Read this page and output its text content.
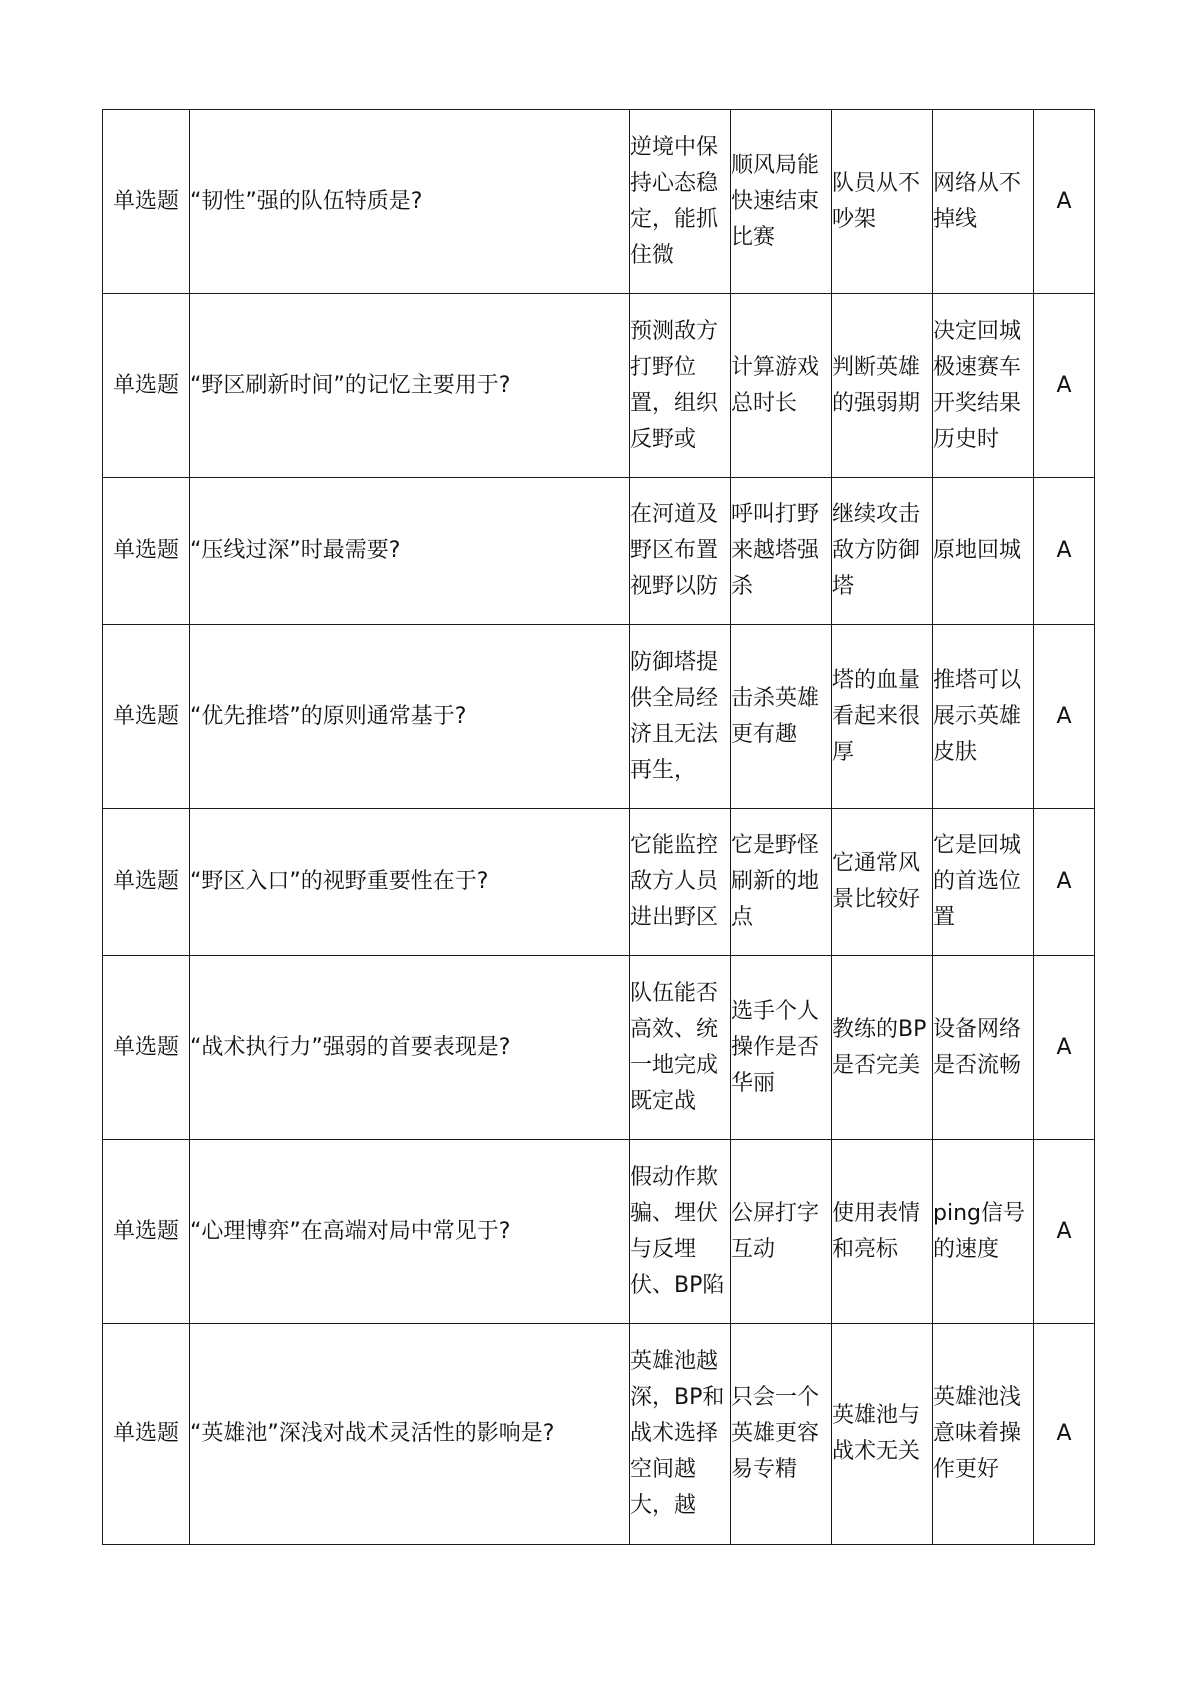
单选题	“韧性”强的队伍特质是?	逆境中保持心态稳定，能抓住微	顺风局能快速结束比赛	队员从不吵架	网络从不掉线	A
单选题	“野区刷新时间”的记忆主要用于?	预测敌方打野位置，组织反野或	计算游戏总时长	判断英雄的强弱期	决定回城极速赛车开奖结果历史时	A
单选题	“压线过深”时最需要?	在河道及野区布置视野以防	呼叫打野来越塔强杀	继续攻击敌方防御塔	原地回城	A
单选题	“优先推塔”的原则通常基于?	防御塔提供全局经济且无法再生，	击杀英雄更有趣	塔的血量看起来很厚	推塔可以展示英雄皮肤	A
单选题	“野区入口”的视野重要性在于?	它能监控敌方人员进出野区	它是野怪刷新的地点	它通常风景比较好	它是回城的首选位置	A
单选题	“战术执行力”强弱的首要表现是?	队伍能否高效、统一地完成既定战	选手个人操作是否华丽	教练的BP是否完美	设备网络是否流畅	A
单选题	“心理博弈”在高端对局中常见于?	假动作欺骗、埋伏与反埋伏、BP陷	公屏打字互动	使用表情和亮标	ping信号的速度	A
单选题	“英雄池”深浅对战术灵活性的影响是?	英雄池越深，BP和战术选择空间越大，越	只会一个英雄更容易专精	英雄池与战术无关	英雄池浅意味着操作更好	A
